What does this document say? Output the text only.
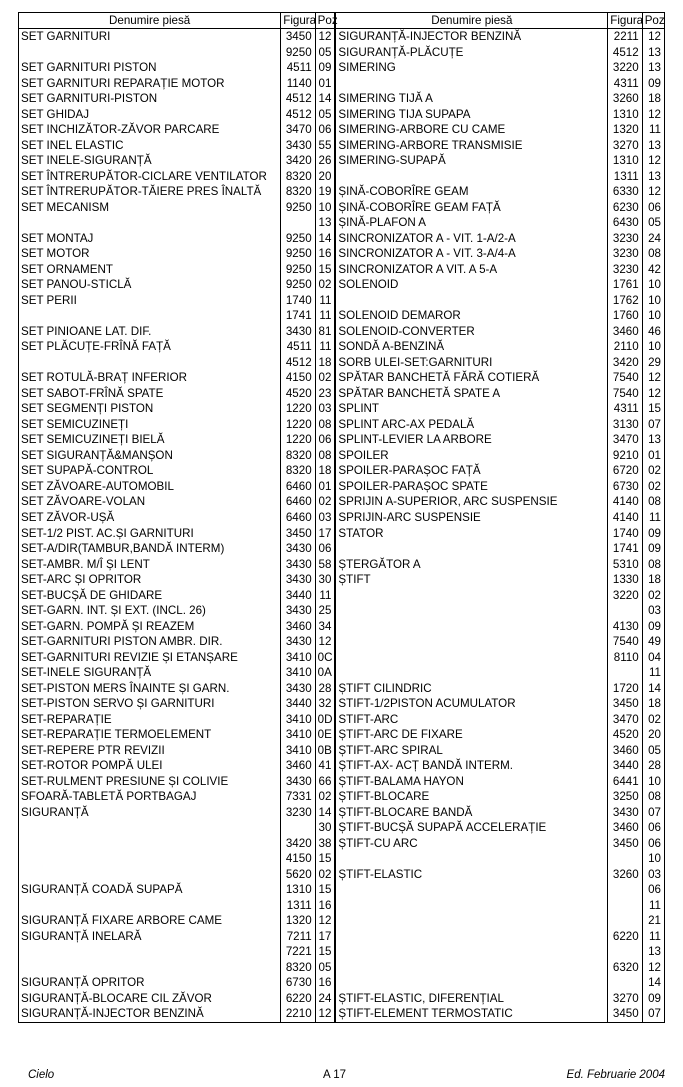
Denumire piesă	Figura	Poz	Denumire piesă	Figura	Poz
SET GARNITURI	3450	12	SIGURANȚĂ-INJECTOR BENZINĂ	2211	12
	9250	05	SIGURANȚĂ-PLĂCUȚE	4512	13
SET GARNITURI PISTON	4511	09	SIMERING	3220	13
SET GARNITURI REPARAȚIE MOTOR	1140	01		4311	09
SET GARNITURI-PISTON	4512	14	SIMERING TIJĂ A	3260	18
SET GHIDAJ	4512	05	SIMERING TIJA SUPAPA	1310	12
SET INCHIZĂTOR-ZĂVOR PARCARE	3470	06	SIMERING-ARBORE CU CAME	1320	11
SET INEL ELASTIC	3430	55	SIMERING-ARBORE TRANSMISIE	3270	13
SET INELE-SIGURANȚĂ	3420	26	SIMERING-SUPAPĂ	1310	12
SET ÎNTRERUPĂTOR-CICLARE VENTILATOR	8320	20		1311	13
SET ÎNTRERUPĂTOR-TĂIERE PRES ÎNALTĂ	8320	19	ȘINĂ-COBORÎRE GEAM	6330	12
SET MECANISM	9250	10	ȘINĂ-COBORÎRE GEAM FAȚĂ	6230	06
		13	ȘINĂ-PLAFON A	6430	05
SET MONTAJ	9250	14	SINCRONIZATOR A - VIT. 1-A/2-A	3230	24
SET MOTOR	9250	16	SINCRONIZATOR A - VIT. 3-A/4-A	3230	08
SET ORNAMENT	9250	15	SINCRONIZATOR A VIT. A 5-A	3230	42
SET PANOU-STICLĂ	9250	02	SOLENOID	1761	10
SET PERII	1740	11		1762	10
	1741	11	SOLENOID DEMAROR	1760	10
SET PINIOANE LAT. DIF.	3430	81	SOLENOID-CONVERTER	3460	46
SET PLĂCUȚE-FRÎNĂ FAȚĂ	4511	11	SONDĂ A-BENZINĂ	2110	10
	4512	18	SORB ULEI-SET:GARNITURI	3420	29
SET ROTULĂ-BRAȚ INFERIOR	4150	02	SPĂTAR BANCHETĂ FĂRĂ COTIERĂ	7540	12
SET SABOT-FRÎNĂ SPATE	4520	23	SPĂTAR BANCHETĂ SPATE A	7540	12
SET SEGMENȚI PISTON	1220	03	SPLINT	4311	15
SET SEMICUZINEȚI	1220	08	SPLINT ARC-AX PEDALĂ	3130	07
SET SEMICUZINEȚI BIELĂ	1220	06	SPLINT-LEVIER LA ARBORE	3470	13
SET SIGURANȚĂ&MANȘON	8320	08	SPOILER	9210	01
SET SUPAPĂ-CONTROL	8320	18	SPOILER-PARAȘOC FAȚĂ	6720	02
SET ZĂVOARE-AUTOMOBIL	6460	01	SPOILER-PARAȘOC SPATE	6730	02
SET ZĂVOARE-VOLAN	6460	02	SPRIJIN A-SUPERIOR, ARC SUSPENSIE	4140	08
SET ZĂVOR-UȘĂ	6460	03	SPRIJIN-ARC SUSPENSIE	4140	11
SET-1/2 PIST. AC.ȘI GARNITURI	3450	17	STATOR	1740	09
SET-A/DIR(TAMBUR,BANDĂ INTERM)	3430	06		1741	09
SET-AMBR. M/Î ȘI LENT	3430	58	ȘTERGĂTOR A	5310	08
SET-ARC ȘI OPRITOR	3430	30	ȘTIFT	1330	18
SET-BUCȘĂ DE GHIDARE	3440	11		3220	02
SET-GARN. INT. ȘI EXT. (INCL. 26)	3430	25			03
SET-GARN. POMPĂ ȘI REAZEM	3460	34		4130	09
SET-GARNITURI PISTON AMBR. DIR.	3430	12		7540	49
SET-GARNITURI REVIZIE ȘI ETANȘARE	3410	0C		8110	04
SET-INELE SIGURANȚĂ	3410	0A			11
SET-PISTON MERS ÎNAINTE ȘI GARN.	3430	28	ȘTIFT CILINDRIC	1720	14
SET-PISTON SERVO ȘI GARNITURI	3440	32	STIFT-1/2PISTON ACUMULATOR	3450	18
SET-REPARAȚIE	3410	0D	STIFT-ARC	3470	02
SET-REPARAȚIE TERMOELEMENT	3410	0E	ȘTIFT-ARC DE FIXARE	4520	20
SET-REPERE PTR REVIZII	3410	0B	ȘTIFT-ARC SPIRAL	3460	05
SET-ROTOR POMPĂ ULEI	3460	41	ȘTIFT-AX- ACȚ BANDĂ INTERM.	3440	28
SET-RULMENT PRESIUNE ȘI COLIVIE	3430	66	ȘTIFT-BALAMA HAYON	6441	10
SFOARĂ-TABLETĂ PORTBAGAJ	7331	02	ȘTIFT-BLOCARE	3250	08
SIGURANȚĂ	3230	14	ȘTIFT-BLOCARE BANDĂ	3430	07
		30	ȘTIFT-BUCȘĂ SUPAPĂ ACCELERAȚIE	3460	06
	3420	38	ȘTIFT-CU ARC	3450	06
	4150	15			10
	5620	02	ȘTIFT-ELASTIC	3260	03
SIGURANȚĂ COADĂ SUPAPĂ	1310	15			06
	1311	16			11
SIGURANȚĂ FIXARE ARBORE CAME	1320	12			21
SIGURANȚĂ INELARĂ	7211	17		6220	11
	7221	15			13
	8320	05		6320	12
SIGURANȚĂ OPRITOR	6730	16			14
SIGURANȚĂ-BLOCARE CIL ZĂVOR	6220	24	ȘTIFT-ELASTIC, DIFERENȚIAL	3270	09
SIGURANȚĂ-INJECTOR BENZINĂ	2210	12	ȘTIFT-ELEMENT TERMOSTATIC	3450	07
Cielo	A 17	Ed. Februarie 2004
